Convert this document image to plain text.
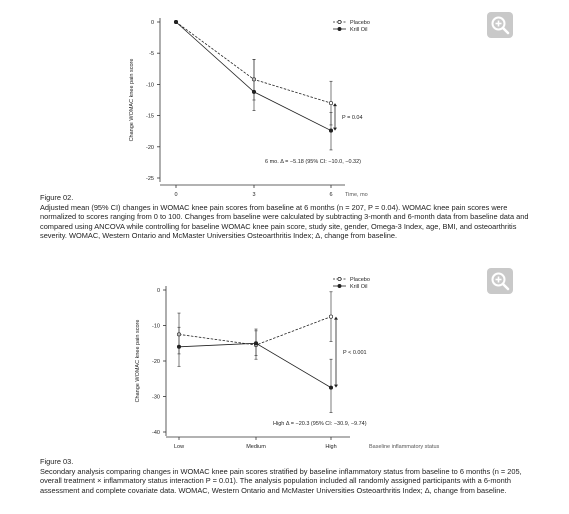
0
-5
-10
-15
-20
-25
Change WOMAC knee pain score
0	3	6 Time, mo
Placebo
Krill Oil
P = 0.04
6 mo. Δ = −5.18 (95% CI: −10.0, −0.32)
Figure 02.
Adjusted mean (95% CI) changes in WOMAC knee pain scores from baseline at 6 months (n = 207, P = 0.04). WOMAC knee pain scores were normalized to scores ranging from 0 to 100. Changes from baseline were calculated by subtracting 3-month and 6-month data from baseline data and compared using ANCOVA while controlling for baseline WOMAC knee pain score, study site, gender, Omega-3 Index, age, BMI, and osteoarthritis severity. WOMAC, Western Ontario and McMaster Universities Osteoarthritis Index; Δ, change from baseline.
0
-10
-20
-30
-40
Change WOMAC knee pain score
Low	Medium	High	Baseline inflammatory status
Placebo
Krill Oil
P < 0.001
High Δ = −20.3 (95% CI: −30.9, −9.74)
Figure 03.
Secondary analysis comparing changes in WOMAC knee pain scores stratified by baseline inflammatory status from baseline to 6 months (n = 205, overall treatment × inflammatory status interaction P = 0.01). The analysis population included all randomly assigned participants with a 6-month assessment and complete covariate data. WOMAC, Western Ontario and McMaster Universities Osteoarthritis Index; Δ, change from baseline.
